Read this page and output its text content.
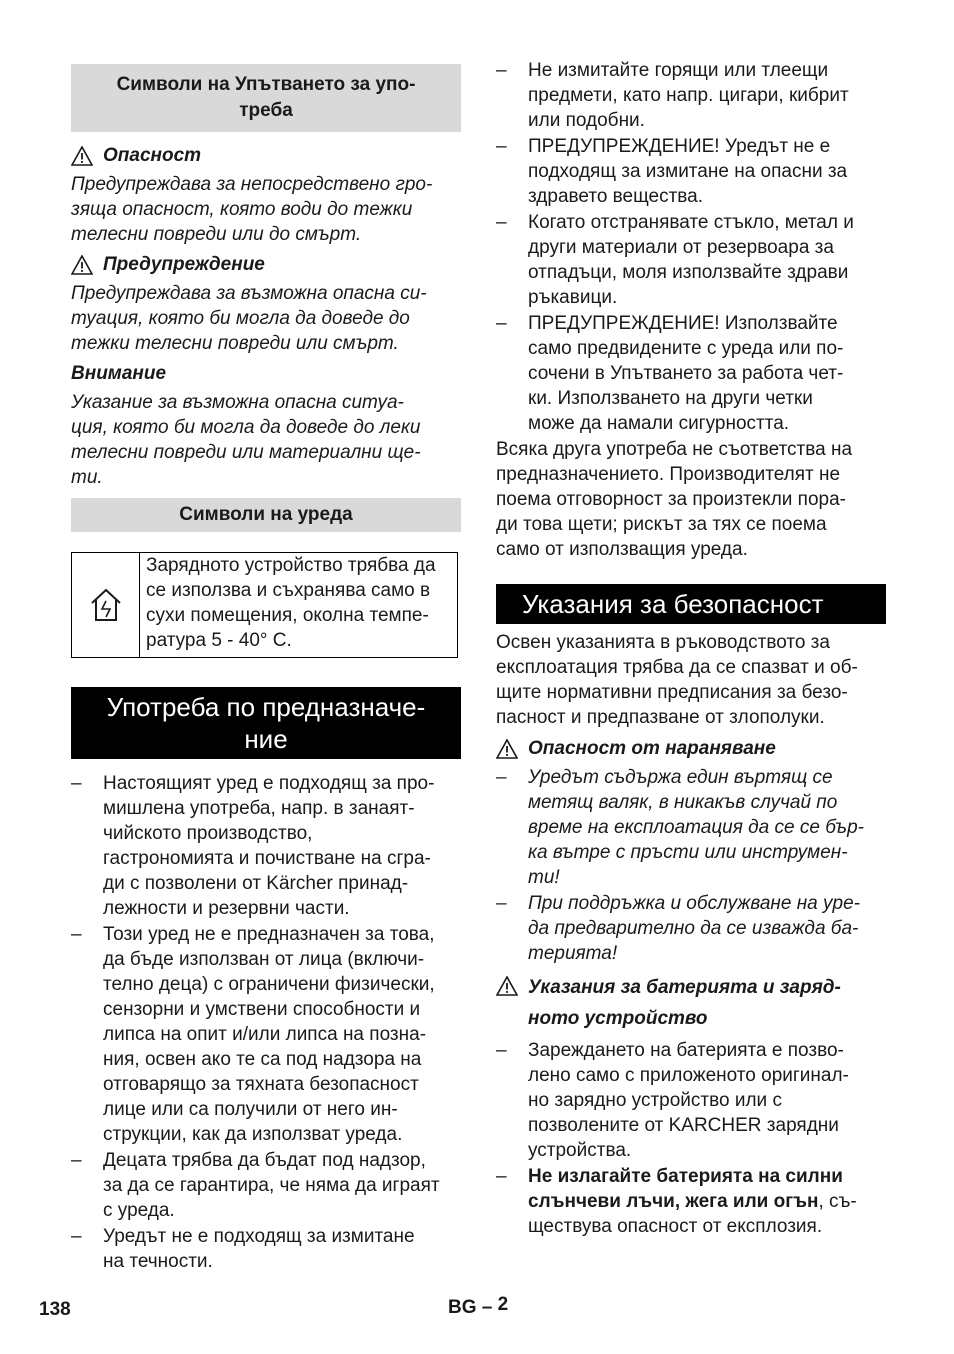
Символи на Упътването за упо-
треба
Опасност
Предупреждава за непосредствено гро-
зяща опасност, която води до тежки
телесни повреди или до смърт.
Предупреждение
Предупреждава за възможна опасна си-
туация, която би могла да доведе до
тежки телесни повреди или смърт.
Внимание
Указание за възможна опасна ситуа-
ция, която би могла да доведе до леки
телесни повреди или материални ще-
ти.
Символи на уреда
Зарядното устройство трябва да
се използва и съхранява само в
сухи помещения, околна темпе-
ратура 5 - 40° C.
Употреба по предназначе-
ние
– Настоящият уред е подходящ за про-
мишлена употреба, напр. в занаят-
чийското производство,
гастрономията и почистване на сгра-
ди с позволени от Kärcher принад-
лежности и резервни части.
– Този уред не е предназначен за това,
да бъде използван от лица (включи-
телно деца) с ограничени физически,
сензорни и умствени способности и
липса на опит и/или липса на позна-
ния, освен ако те са под надзора на
отговарящо за тяхната безопасност
лице или са получили от него ин-
струкции, как да използват уреда.
– Децата трябва да бъдат под надзор,
за да се гарантира, че няма да играят
с уреда.
– Уредът не е подходящ за измитане
на течности.
– Не измитайте горящи или тлеещи
предмети, като напр. цигари, кибрит
или подобни.
– ПРЕДУПРЕЖДЕНИЕ! Уредът не е
подходящ за измитане на опасни за
здравето вещества.
– Когато отстранявате стъкло, метал и
други материали от резервоара за
отпадъци, моля използвайте здрави
ръкавици.
– ПРЕДУПРЕЖДЕНИЕ! Използвайте
само предвидените с уреда или по-
сочени в Упътването за работа чет-
ки. Използването на други четки
може да намали сигурността.
Всяка друга употреба не съответства на
предназначението. Производителят не
поема отговорност за произтекли пора-
ди това щети; рискът за тях се поема
само от използващия уреда.
Указания за безопасност
Освен указанията в ръководството за
експлоатация трябва да се спазват и об-
щите нормативни предписания за безо-
пасност и предпазване от злополуки.
Опасност от нараняване
– Уредът съдържа един въртящ се
метящ валяк, в никакъв случай по
време на експлоатация да се се бър-
ка вътре с пръсти или инструмен-
ти!
– При поддръжка и обслужване на уре-
да предварително да се изважда ба-
терията!
Указания за батерията и заряд-
ното устройство
– Зареждането на батерията е позво-
лено само с приложеното оригинал-
но зарядно устройство или с
позволените от KARCHER зарядни
устройства.
– Не излагайте батерията на силни
слънчеви лъчи, жега или огън, съ-
ществува опасност от експлозия.
138	BG – 2
